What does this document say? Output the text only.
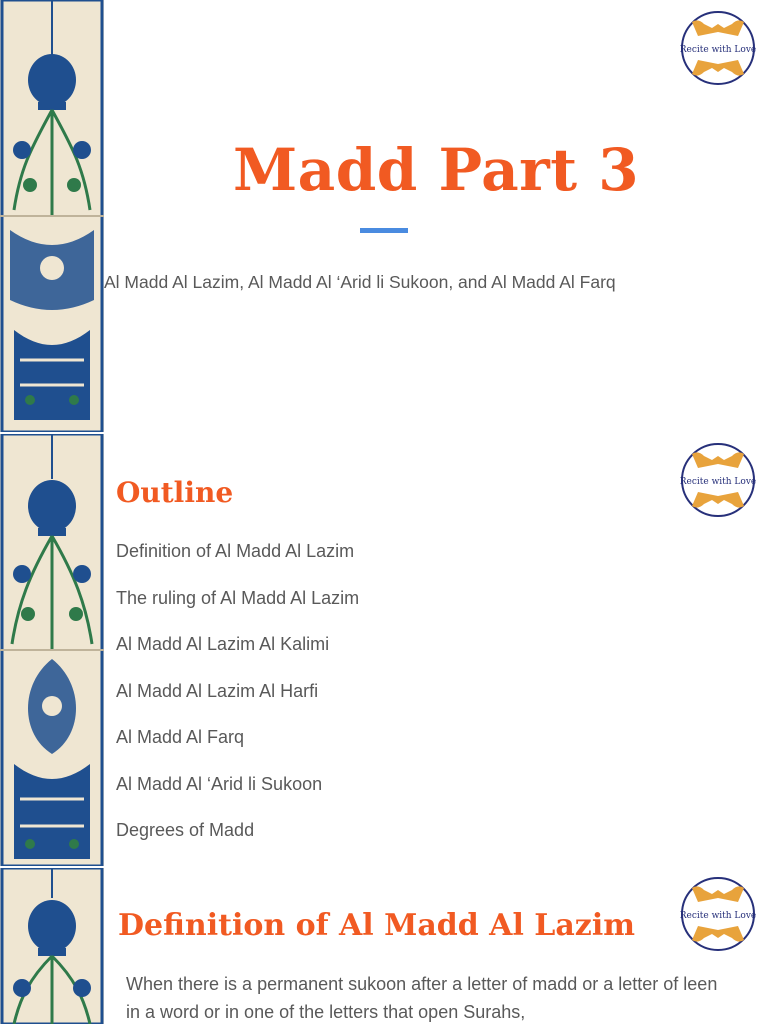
Recite with Love
Madd Part 3

Al Madd Al Lazim, Al Madd Al ‘Arid li Sukoon, and Al Madd Al Farq

Recite with Love
Outline
Definition of Al Madd Al Lazim
The ruling of Al Madd Al Lazim
Al Madd Al Lazim Al Kalimi
Al Madd Al Lazim Al Harfi
Al Madd Al Farq
Al Madd Al ‘Arid li Sukoon
Degrees of Madd
Recite with Love
Definition of Al Madd Al Lazim

When there is a permanent sukoon after a letter of madd or a letter of leen in a word or in one of the letters that open Surahs,
